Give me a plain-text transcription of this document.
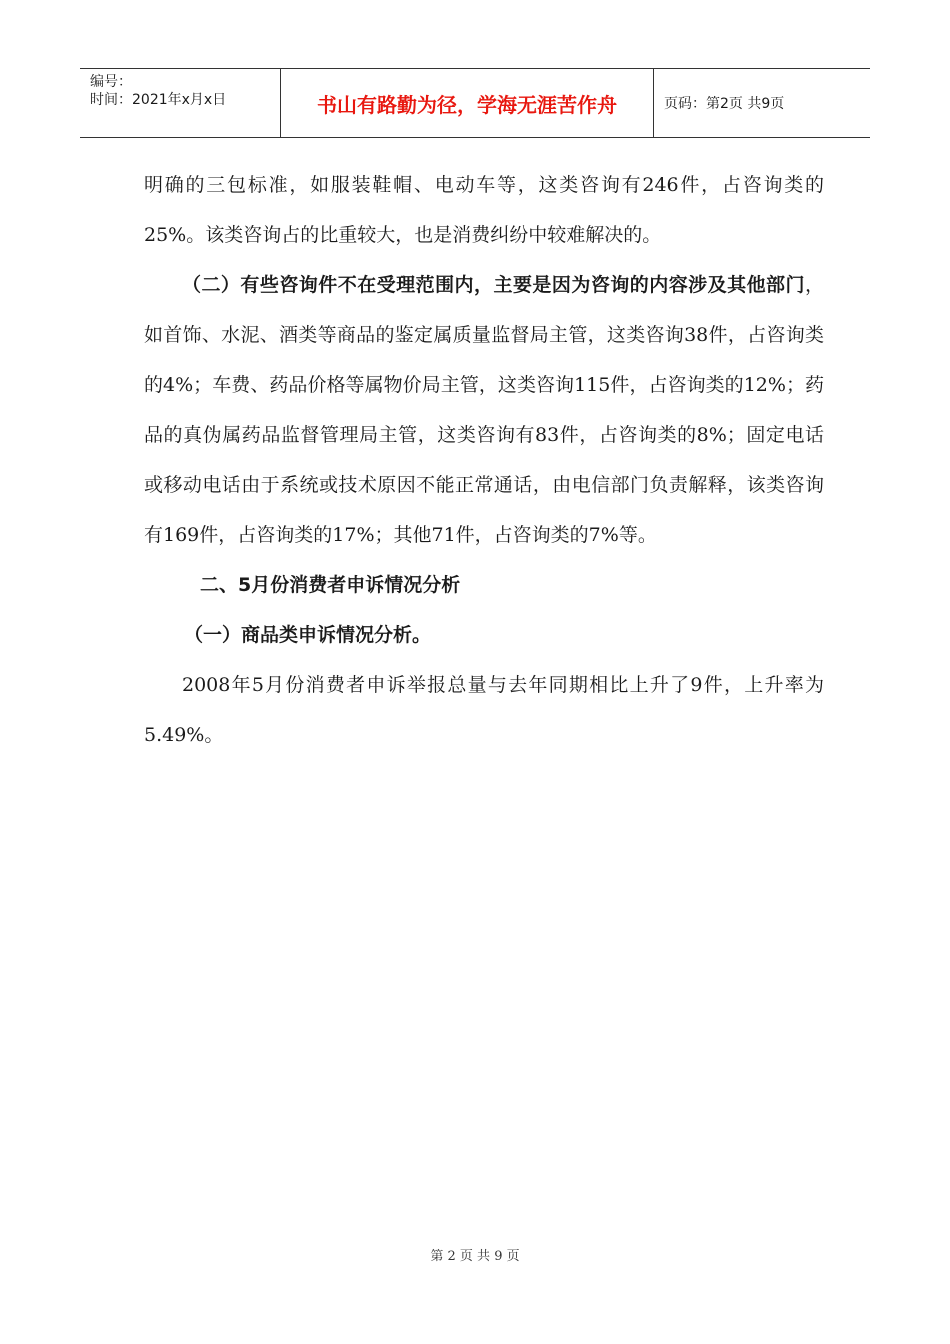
编号：
时间：2021年x月x日	书山有路勤为径，学海无涯苦作舟	页码：第2页 共9页

明确的三包标准，如服装鞋帽、电动车等，这类咨询有246件，占咨询类的25%。该类咨询占的比重较大，也是消费纠纷中较难解决的。

（二）有些咨询件不在受理范围内，主要是因为咨询的内容涉及其他部门，如首饰、水泥、酒类等商品的鉴定属质量监督局主管，这类咨询38件，占咨询类的4%；车费、药品价格等属物价局主管，这类咨询115件，占咨询类的12%；药品的真伪属药品监督管理局主管，这类咨询有83件，占咨询类的8%；固定电话或移动电话由于系统或技术原因不能正常通话，由电信部门负责解释，该类咨询有169件，占咨询类的17%；其他71件，占咨询类的7%等。

二、5月份消费者申诉情况分析

（一）商品类申诉情况分析。

2008年5月份消费者申诉举报总量与去年同期相比上升了9件，上升率为5.49%。

第 2 页 共 9 页
